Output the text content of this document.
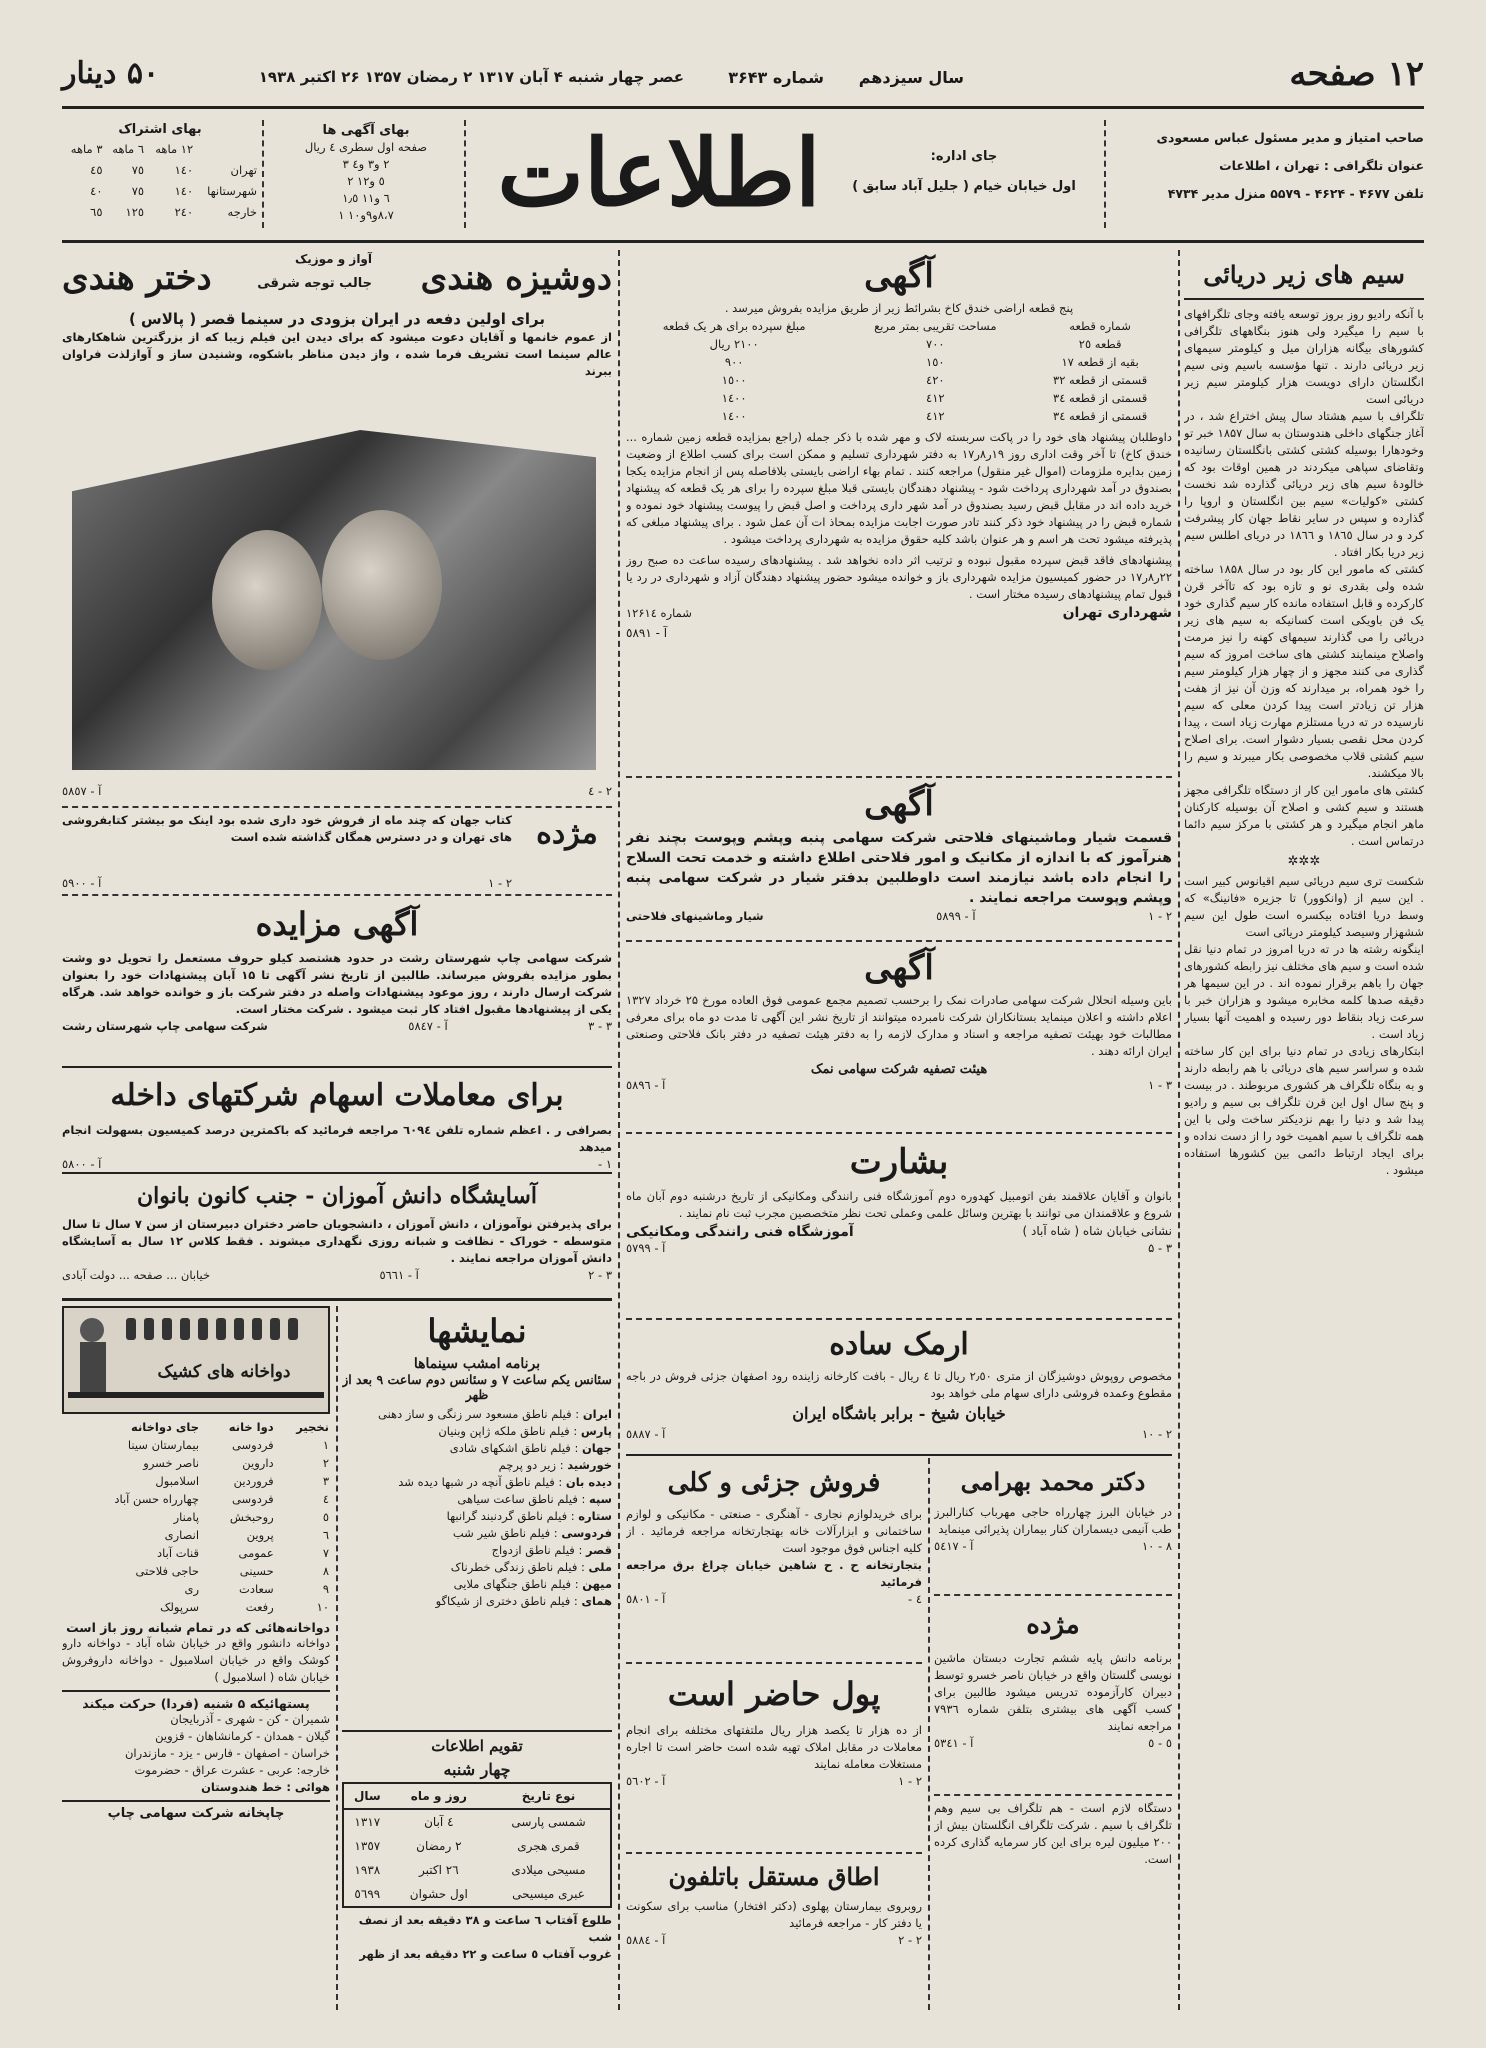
۱۲ صفحه
سال سیزدهم
شماره ۳۶۴۳
عصر چهار شنبه ۴ آبان ۱۳۱۷ ۲ رمضان ۱۳۵۷ ۲۶ اکتبر ۱۹۳۸
۵۰ دینار
صاحب امتیاز و مدیر مسئول عباس مسعودی
عنوان تلگرافی : تهران ، اطلاعات
تلفن ۴۶۷۷ - ۴۶۲۴ - ۵۵۷۹ منزل مدیر ۴۷۳۴
جای اداره:
اول خیابان خیام ( جلیل آباد سابق )
اطلاعات
بهای آگهی ها
صفحه اول سطری ٤ ریال
۲ و۳ و٤ ۳
٥ و۱۲ ۲
٦ و۱۱ ۱٫٥
۸،۷و۹و۱۰ ۱
بهای اشتراک
	۱۲ ماهه	٦ ماهه	۳ ماهه
تهران	۱٤۰	۷٥	٤٥
شهرستانها	۱٤۰	۷٥	٤۰
خارجه	۲٤۰	۱۲٥	٦٥
سیم های زیر دریائی

با آنکه رادیو روز بروز توسعه یافته وجای تلگرافهای با سیم را میگیرد ولی هنوز بنگاههای تلگرافی کشورهای بیگانه هزاران میل و کیلومتر سیمهای زیر دریائی دارند . تنها مؤسسه باسیم ونی سیم انگلستان دارای دویست هزار کیلومتر سیم زیر دریائی است

تلگراف با سیم هشتاد سال پیش اختراع شد ، در آغاز جنگهای داخلی هندوستان به سال ۱۸۵۷ خبر تو وخودهارا بوسیله کشتی کشتی بانگلستان رسانیده وتقاضای سپاهی میکردند در همین اوقات بود که خالودهٔ سیم های زیر دریائی گذارده شد نخست کشتی «کولیات» سیم بین انگلستان و اروپا را گذارده و سپس در سایر نقاط جهان کار پیشرفت کرد و در سال ۱۸٦٥ و ۱۸٦٦ در دریای اطلس سیم زیر دریا بکار افتاد .

کشتی که مامور این کار بود در سال ۱۸۵۸ ساخته شده ولی بقدری نو و تازه بود که تاآخر قرن کارکرده و قابل استفاده مانده کار سیم گذاری خود یک فن باویکی است کسانیکه به سیم های زیر دریائی را می گذارند سیمهای کهنه را نیز مرمت واصلاح مینمایند کشتی های ساخت امروز که سیم گذاری می کنند مجهز و از چهار هزار کیلومتر سیم را خود همراه، بر میدارند که وزن آن نیز از هفت هزار تن زیادتر است پیدا کردن معلی که سیم نارسیده در ته دریا مستلزم مهارت زیاد است ، پیدا کردن محل نقصی بسیار دشوار است. برای اصلاح سیم کشتی قلاب مخصوصی بکار میبرند و سیم را بالا میکشند.

کشتی های مامور این کار از دستگاه تلگرافی مجهز هستند و سیم کشی و اصلاح آن بوسیله کارکنان ماهر انجام میگیرد و هر کشتی با مرکز سیم دائما درتماس است .

✲✲✲

شکست تری سیم دریائی سیم اقیانوس کبیر است . این سیم از (وانکوور) تا جزیره «فانینگ» که وسط دریا افتاده بیکسره است طول این سیم ششهزار وسیصد کیلومتر دریائی است

اینگونه رشته ها در ته دریا امروز در تمام دنیا نقل شده است و سیم های مختلف نیز رابطه کشورهای جهان را باهم برقرار نموده اند . در این سیمها هر دقیقه صدها کلمه مخابره میشود و هزاران خبر با سرعت زیاد بنقاط دور رسیده و اهمیت آنها بسیار زیاد است .

ابتکارهای زیادی در تمام دنیا برای این کار ساخته شده و سراسر سیم های دریائی با هم رابطه دارند و به بنگاه تلگراف هر کشوری مربوطند . در بیست و پنج سال اول این قرن تلگراف بی سیم و رادیو پیدا شد و دنیا را بهم نزدیکتر ساخت ولی با این همه تلگراف با سیم اهمیت خود را از دست نداده و برای ایجاد ارتباط دائمی بین کشورها استفاده میشود .

آگهی

پنج قطعه اراضی خندق کاخ بشرائط زیر از طریق مزایده بفروش میرسد .

شماره قطعه	مساحت تقریبی بمتر مربع	مبلغ سپرده برای هر یک قطعه
قطعه ۲٥	۷۰۰	۲۱۰۰ ریال
بقیه از قطعه ۱۷	۱٥۰	۹۰۰
قسمتی از قطعه ۳۲	٤۲۰	۱٥۰۰
قسمتی از قطعه ۳٤	٤۱۲	۱٤۰۰
قسمتی از قطعه ۳٤	٤۱۲	۱٤۰۰

داوطلبان پیشنهاد های خود را در پاکت سربسته لاک و مهر شده با ذکر جمله (راجع بمزایده قطعه زمین شماره ... خندق کاخ) تا آخر وقت اداری روز ۱۹ر۸ر۱۷ به دفتر شهرداری تسلیم و ممکن است برای کسب اطلاع از وضعیت زمین بدایره ملزومات (اموال غیر منقول) مراجعه کنند . تمام بهاء اراضی بایستی بلافاصله پس از انجام مزایده یکجا بصندوق در آمد شهرداری پرداخت شود - پیشنهاد دهندگان بایستی قبلا مبلغ سپرده را برای هر یک قطعه که پیشنهاد خرید داده اند در مقابل قبض رسید بصندوق در آمد شهر داری پرداخت و اصل قبض را پیوست پیشنهاد خود نموده و شماره قبض را در پیشنهاد خود ذکر کنند تادر صورت اجابت مزایده بمحاذ ات آن عمل شود . برای پیشنهاد مبلغی که پذیرفته میشود تحت هر اسم و هر عنوان باشد کلیه حقوق مزایده به شهرداری پرداخت میشود .

پیشنهادهای فاقد قبض سپرده مقبول نبوده و ترتیب اثر داده نخواهد شد . پیشنهادهای رسیده ساعت ده صبح روز ۲۲ر۸ر۱۷ در حضور کمیسیون مزایده شهرداری باز و خوانده میشود حضور پیشنهاد دهندگان آزاد و شهرداری در رد یا قبول تمام پیشنهادهای رسیده مختار است .

شهرداری تهران
شماره ۱۲۶۱٤
آ - ٥۸۹۱
آگهی

قسمت شیار وماشینهای فلاحتی شرکت سهامی پنبه وپشم وپوست بچند نفر هنرآموز که با اندازه از مکانیک و امور فلاحتی اطلاع داشته و خدمت تحت السلاح را انجام داده باشد نیازمند است داوطلبین بدفتر شیار در شرکت سهامی پنبه وپشم وپوست مراجعه نمایند .

۲ - ۱
آ - ٥۸۹۹
شیار وماشینهای فلاحتی
آگهی

باین وسیله انحلال شرکت سهامی صادرات نمک را برحسب تصمیم مجمع عمومی فوق العاده مورخ ۲۵ خرداد ۱۳۲۷ اعلام داشته و اعلان مینماید بستانکاران شرکت نامبرده میتوانند از تاریخ نشر این آگهی تا مدت دو ماه برای معرفی مطالبات خود بهیئت تصفیه مراجعه و اسناد و مدارک لازمه را به دفتر هیئت تصفیه در دفتر بانک فلاحتی وصنعتی ایران ارائه دهند .

هیئت تصفیه شرکت سهامی نمک
۳ - ۱
آ - ٥۸۹٦
بشارت

بانوان و آقایان علاقمند بفن اتومبیل کهدوره دوم آموزشگاه فنی رانندگی ومکانیکی از تاریخ درشنبه دوم آبان ماه شروع و علاقمندان می توانند با بهترین وسائل علمی وعملی تحت نظر متخصصین مجرب ثبت نام نمایند .

نشانی خیابان شاه ( شاه آباد )
آموزشگاه فنی رانندگی ومکانیکی
۳ - ۵
آ - ٥۷۹۹
ارمک ساده

مخصوص روپوش دوشیزگان از متری ۲٫٥۰ ریال تا ٤ ریال - بافت کارخانه زاینده رود اصفهان جزئی فروش در باجه مقطوع وعمده فروشی دارای سهام ملی خواهد بود

خیابان شیخ - برابر باشگاه ایران
۲ - ۱۰
آ - ٥۸۸۷
دکتر محمد بهرامی

در خیابان البرز چهارراه حاجی مهرباب کنارالبرز طب آنیمی دیسماران کنار بیماران پذیرائی مینماید

۸ - ۱۰
آ - ٥٤۱۷
مژده

برنامه دانش پایه ششم تجارت دبستان ماشین نویسی گلستان واقع در خیابان ناصر خسرو توسط دبیران کارآزموده تدریس میشود طالبین برای کسب آگهی های بیشتری بتلفن شماره ۷۹۳٦ مراجعه نمایند

٥ - ٥
آ - ٥۳٤۱

دستگاه لازم است - هم تلگراف بی سیم وهم تلگراف با سیم . شرکت تلگراف انگلستان بیش از ۲۰۰ میلیون لیره برای این کار سرمایه گذاری کرده است.

فروش جزئی و کلی

برای خریدلوازم نجاری - آهنگری - صنعتی - مکانیکی و لوازم ساختمانی و ابزارآلات خانه بهتجارتخانه مراجعه فرمائید . از کلیه اجناس فوق موجود است

بتجارتخانه ح . ح شاهین خیابان چراغ برق مراجعه فرمائید

٤ -
آ - ٥۸۰۱
پول حاضر است

از ده هزار تا یکصد هزار ریال ملتفتهای مختلفه برای انجام معاملات در مقابل املاک تهیه شده است حاضر است تا اجاره مستغلات معامله نمایند

۲ - ۱
آ - ٥٦۰۲
اطاق مستقل باتلفون

روبروی بیمارستان پهلوی (دکتر افتخار) مناسب برای سکونت یا دفتر کار - مراجعه فرمائید

۲ - ۲
آ - ٥۸۸٤
دوشیزه هندی
آواز و موزیک
جالب توجه شرقی
دختر هندی

برای اولین دفعه در ایران بزودی در سینما قصر ( پالاس )

از عموم خانمها و آقایان دعوت میشود که برای دیدن این فیلم زیبا که از بزرگترین شاهکارهای عالم سینما است تشریف فرما شده ، واز دیدن مناظر باشکوه، وشنیدن ساز و آوازلذت فراوان ببرند

۲ - ٤
آ - ٥۸٥۷
مژده

کتاب جهان که چند ماه از فروش خود داری شده بود اینک مو بیشتر کتابفروشی های تهران و در دسترس همگان گذاشته شده است

۲ - ۱
آ - ٥۹۰۰
آگهی مزایده

شرکت سهامی چاپ شهرستان رشت در حدود هشتصد کیلو حروف مستعمل را تحویل دو وشت بطور مزایده بفروش میرساند. طالبین از تاریخ نشر آگهی تا ۱۵ آبان پیشنهادات خود را بعنوان شرکت ارسال دارند ، روز موعود پیشنهادات واصله در دفتر شرکت باز و خوانده خواهد شد. هرگاه یکی از پیشنهادها مقبول افتاد کار ثبت میشود . شرکت مختار است.

۳ - ۳
آ - ٥۸٤۷
شرکت سهامی چاپ شهرستان رشت
برای معاملات اسهام شرکتهای داخله

بصرافی ر . اعظم شماره تلفن ٦۰۹٤ مراجعه فرمائید که باکمترین درصد کمیسیون بسهولت انجام میدهد

۱ -
آ - ٥۸۰۰
آسایشگاه دانش آموزان - جنب کانون بانوان

برای پذیرفتن نوآموزان ، دانش آموزان ، دانشجویان حاضر دختران دبیرستان از سن ۷ سال تا سال متوسطه - خوراک - نظافت و شبانه روزی نگهداری میشوند . فقط کلاس ۱۲ سال به آسایشگاه دانش آموزان مراجعه نمایند .

۳ - ۲
آ - ٥٦٦۱
خیابان ... صفحه ... دولت آبادی
دواخانه های کشیک
نخجیر	دوا خانه	جای دواخانه
۱	فردوسی	بیمارستان سینا
۲	داروین	ناصر خسرو
۳	فروردین	اسلامبول
٤	فردوسی	چهارراه حسن آباد
٥	روحبخش	پامنار
٦	پروین	انصاری
۷	عمومی	قنات آباد
۸	حسینی	حاجی فلاحتی
۹	سعادت	ری
۱۰	رفعت	سرپولک
دواخانه‌هائی که در تمام شبانه روز باز است

دواخانه دانشور واقع در خیابان شاه آباد - دواخانه دارو کوشک واقع در خیابان اسلامبول - دواخانه داروفروش خیابان شاه ( اسلامبول )

پستهائیکه ۵ شنبه (فردا) حرکت میکند
شمیران - کن - شهری - آذربایجان
گیلان - همدان - کرمانشاهان - قزوین
خراسان - اصفهان - فارس - یزد - مازندران
خارجه: عربی - عشرت عراق - حضرموت
هوائی : خط هندوستان
چاپخانه شرکت سهامی چاپ
نمایشها
برنامه امشب سینماها
سئانس یکم ساعت ۷ و سئانس دوم ساعت ۹ بعد از ظهر
ایران : فیلم ناطق مسعود سر زنگی و ساز دهنی
پارس : فیلم ناطق ملکه ژاپن وبنیان
جهان : فیلم ناطق اشکهای شادی
خورشید : زیر دو پرچم
دیده بان : فیلم ناطق آنچه در شبها دیده شد
سپه : فیلم ناطق ساعت سیاهی
ستاره : فیلم ناطق گردنبند گرانبها
فردوسی : فیلم ناطق شیر شب
قصر : فیلم ناطق ازدواج
ملی : فیلم ناطق زندگی خطرناک
میهن : فیلم ناطق جنگهای ملایی
همای : فیلم ناطق دختری از شیکاگو
تقویم اطلاعات
چهار شنبه
نوع تاریخ	روز و ماه	سال
شمسی پارسی	٤ آبان	۱۳۱۷
قمری هجری	۲ رمضان	۱۳٥۷
مسیحی میلادی	۲٦ اکتبر	۱۹۳۸
عبری میسیحی	اول حشوان	٥٦۹۹
طلوع آفتاب ٦ ساعت و ۳۸ دقیقه بعد از نصف شب
غروب آفتاب ٥ ساعت و ۲۲ دقیقه بعد از ظهر
